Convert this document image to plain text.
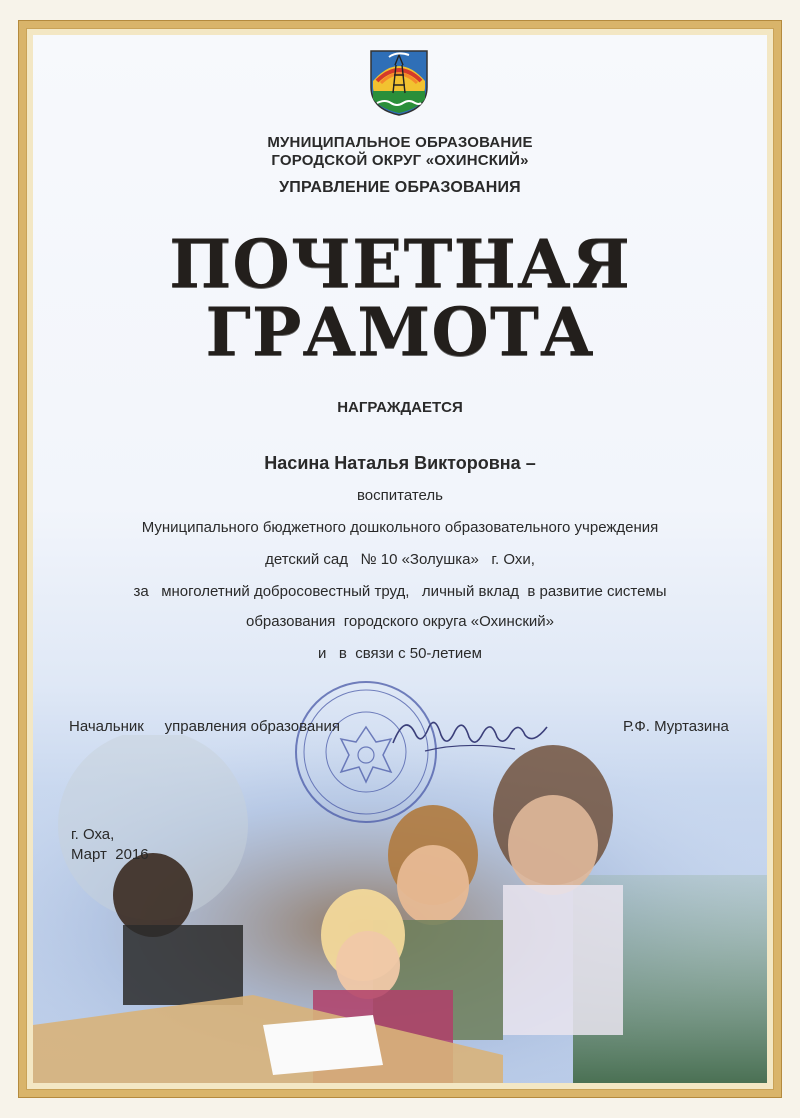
МУНИЦИПАЛЬНОЕ ОБРАЗОВАНИЕ
ГОРОДСКОЙ ОКРУГ «ОХИНСКИЙ»
УПРАВЛЕНИЕ ОБРАЗОВАНИЯ
ПОЧЕТНАЯ
ГРАМОТА
НАГРАЖДАЕТСЯ
Насина Наталья Викторовна –
воспитатель
Муниципального бюджетного дошкольного образовательного учреждения
детский сад   № 10 «Золушка»   г. Охи,
за   многолетний добросовестный труд,   личный вклад  в развитие системы
образования  городского округа «Охинский»
и   в  связи с 50-летием
Начальник     управления образования	Р.Ф. Муртазина
г. Оха,
Март  2016
